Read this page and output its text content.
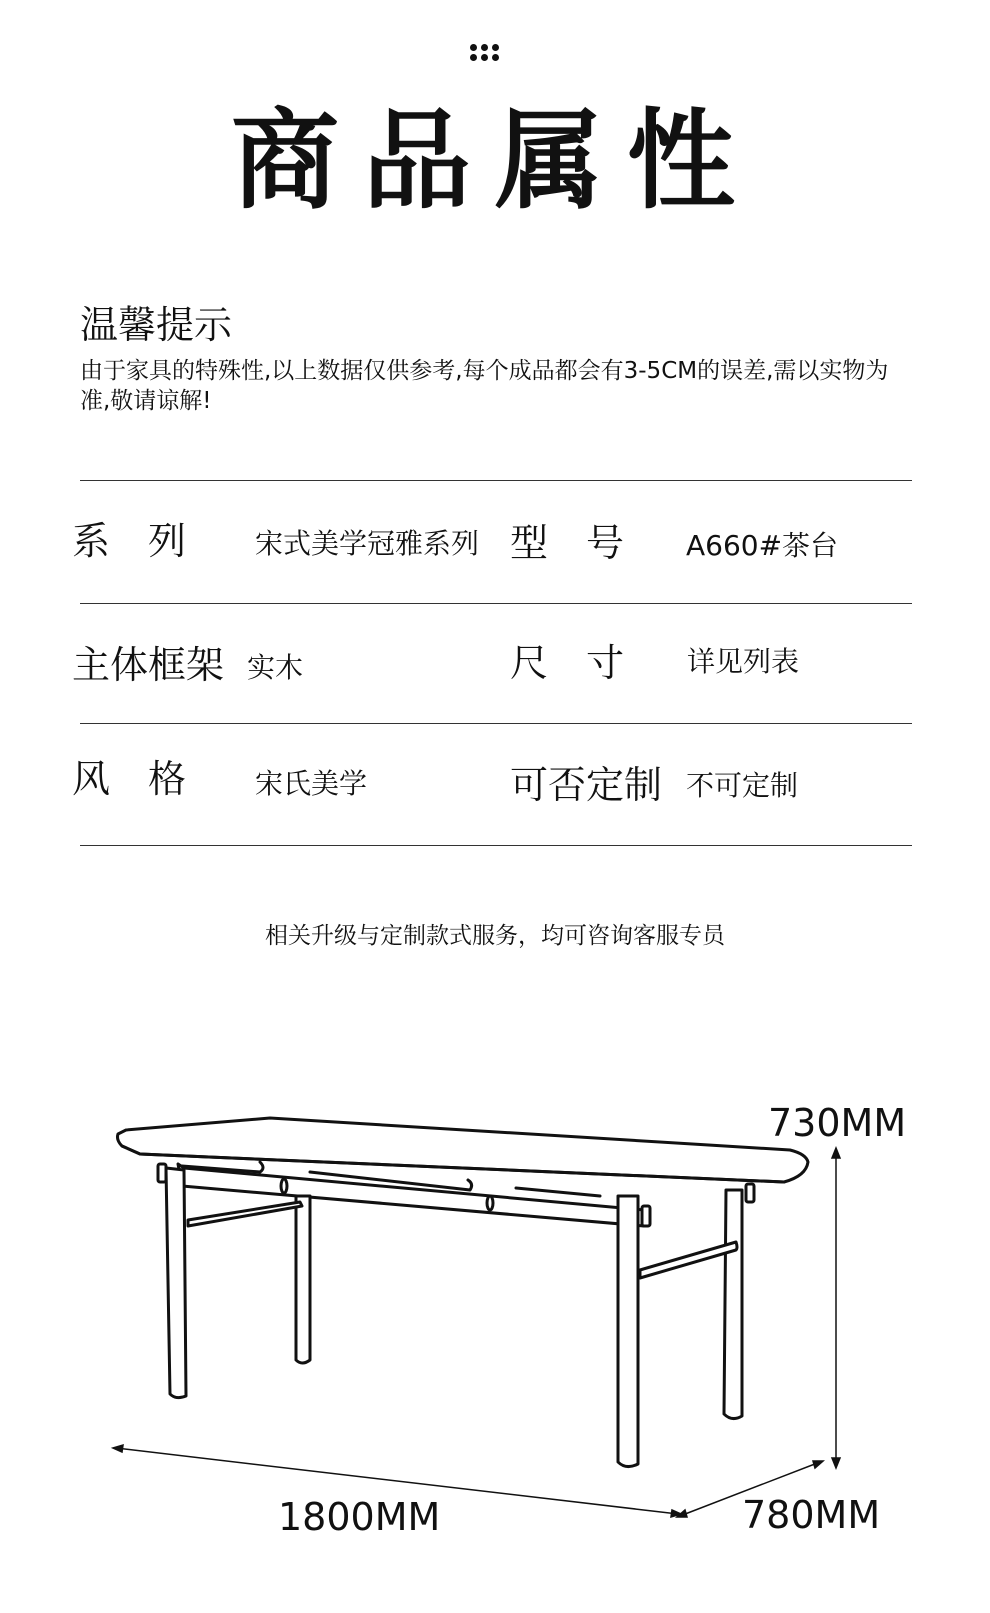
商品属性
温馨提示
由于家具的特殊性,以上数据仅供参考,每个成品都会有3-5CM的误差,需以实物为准,敬请谅解!
系　列 宋式美学冠雅系列 型　号 A660#茶台
主体框架 实木	尺　寸 详见列表
风　格 宋氏美学	可否定制 不可定制
相关升级与定制款式服务，均可咨询客服专员
730MM
1800MM	780MM
